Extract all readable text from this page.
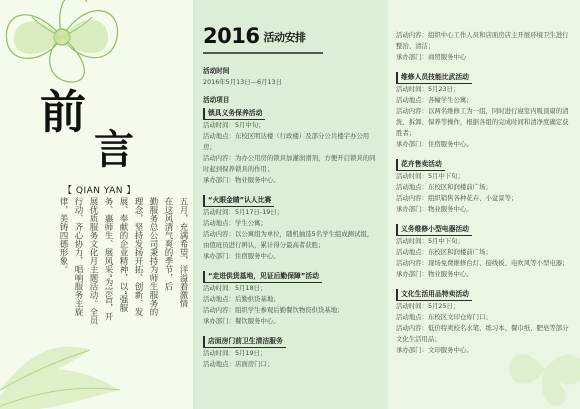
前
言
【 QIAN YAN 】
五月，充满希望，洋溢着激情
在这风清气爽的季节，后
勤服务总公司秉持为师生服务的
理念，坚持发扬开拓、创新、发
展、奉献的企业精神，以“强服
务、惠师生、展风采”为宗旨，开
展优质服务文化月主题活动。全员
行动、齐心协力，唱响服务主旋
律，美铸四德形象。
2016 活动安排
活动时间
2016年5月13日—6月13日
活动项目
锁具义务保养活动
活动时间：5月中旬；
活动地点：东校区明达楼（行政楼）及部分公共楼宇办公用房；
活动内容：为办公用房的锁具加灌润滑剂，方便开启锁具的同时起到保养锁具的作用；
承办部门：物业服务中心。
“火眼金睛”认人比赛
活动时间：5月17日-19日；
活动地点：学生公寓；
活动内容：以公寓组为单位，随机抽选5名学生组成测试组，由值班员进行辨认，累计得分最高者获胜；
承办部门：住宿服务中心。
“走进供货基地，见证后勤保障”活动
活动时间：5月18日；
活动地点：后勤供货基地；
活动内容：组织学生参观后勤餐饮物资供货基地；
承办部门：餐饮服务中心。
店面房门前卫生清洁服务
活动时间：5月19日；
活动地点：店面房门口；
活动内容：组织中心工作人员和店面房店主开展环境卫生进行整治、清洁；
承办部门：商贸服务中心
维修人员技能比武活动
活动时间：5月23日；
活动地点：各幢学生公寓；
活动内容：以两名维修工为一组，同时进行寝室内吸顶扇的清洗、拆卸、保养等操作，根据各组的完成时间和清净度确定获胜者；
承办部门：住宿服务中心。
花卉售卖活动
活动时间：5月中下旬；
活动地点：东校区和润楼前广场；
活动内容：组织销售各种花卉、小盆景等；
承办部门：物业服务中心。
义务维修小型电器活动
活动时间：5月中下旬；
活动地点：东校区和润楼前广场；
活动内容：现场免费维修台灯、接线板、电吹风等小型电器；
承办部门：物业服务中心。
文化生活用品特卖活动
活动时间：5月25日；
活动地点：东校区文印仓库门口；
活动内容：低价特卖校名水笔、练习本、餐巾纸、肥皂等部分文化生活用品；
承办部门：文印服务中心。
